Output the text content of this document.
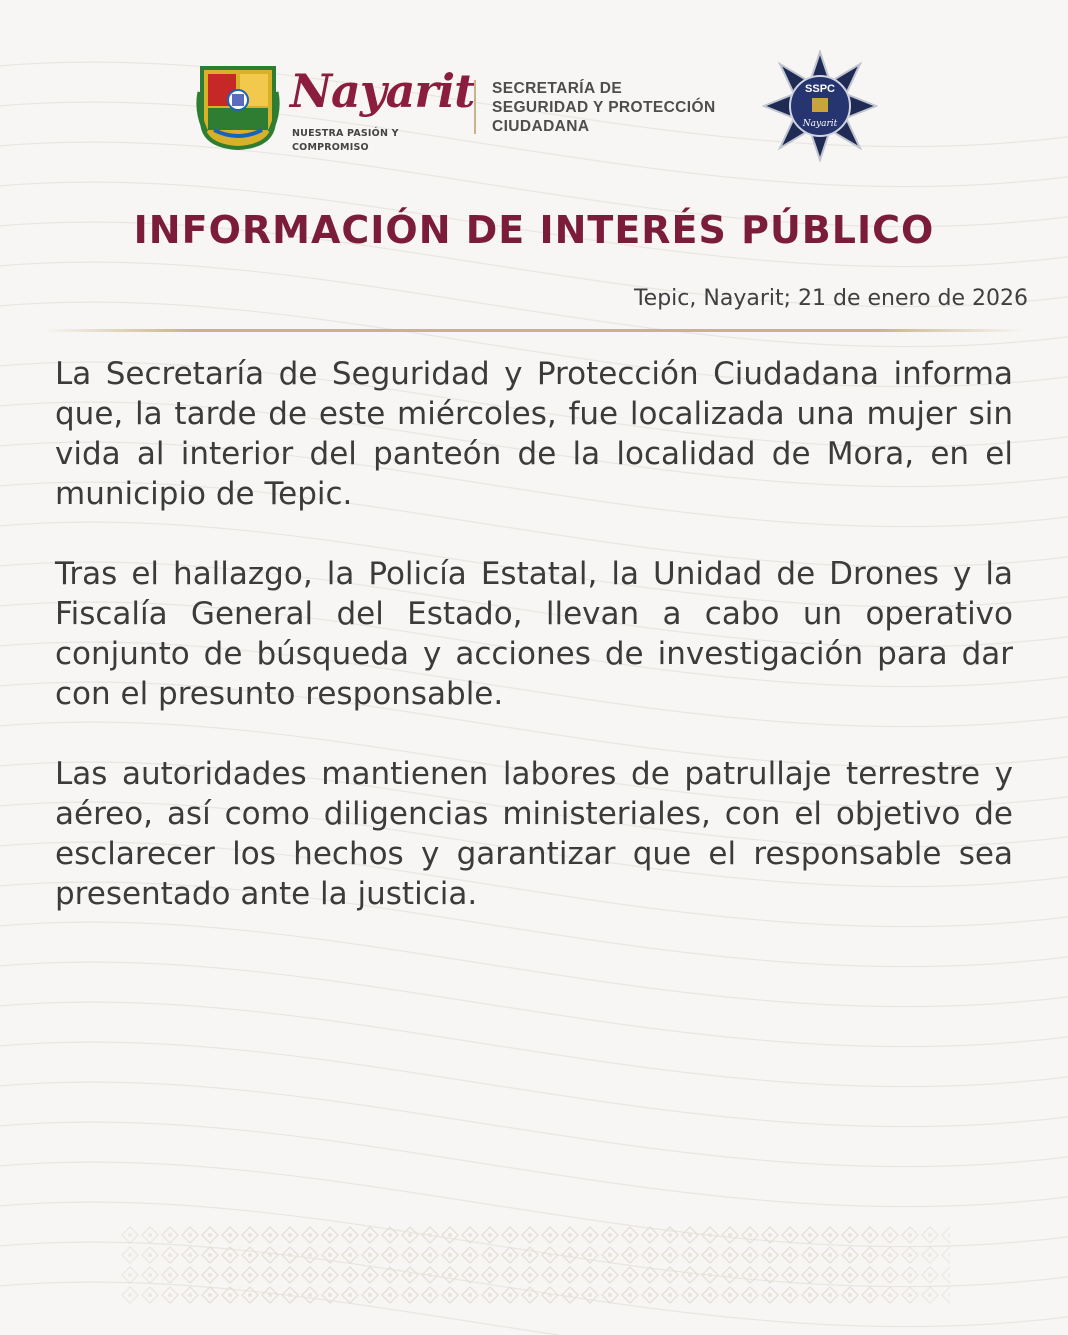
Nayarit
NUESTRA PASIÓN Y COMPROMISO
SECRETARÍA DE
SEGURIDAD Y PROTECCIÓN
CIUDADANA
SSPC
Nayarit
INFORMACIÓN DE INTERÉS PÚBLICO
Tepic, Nayarit; 21 de enero de 2026

La Secretaría de Seguridad y Protección Ciudadana informa que, la tarde de este miércoles, fue localizada una mujer sin vida al interior del panteón de la localidad de Mora, en el municipio de Tepic.

Tras el hallazgo, la Policía Estatal, la Unidad de Drones y la Fiscalía General del Estado, llevan a cabo un operativo conjunto de búsqueda y acciones de investigación para dar con el presunto responsable.

Las autoridades mantienen labores de patrullaje terrestre y aéreo, así como diligencias ministeriales, con el objetivo de esclarecer los hechos y garantizar que el responsable sea presentado ante la justicia.
